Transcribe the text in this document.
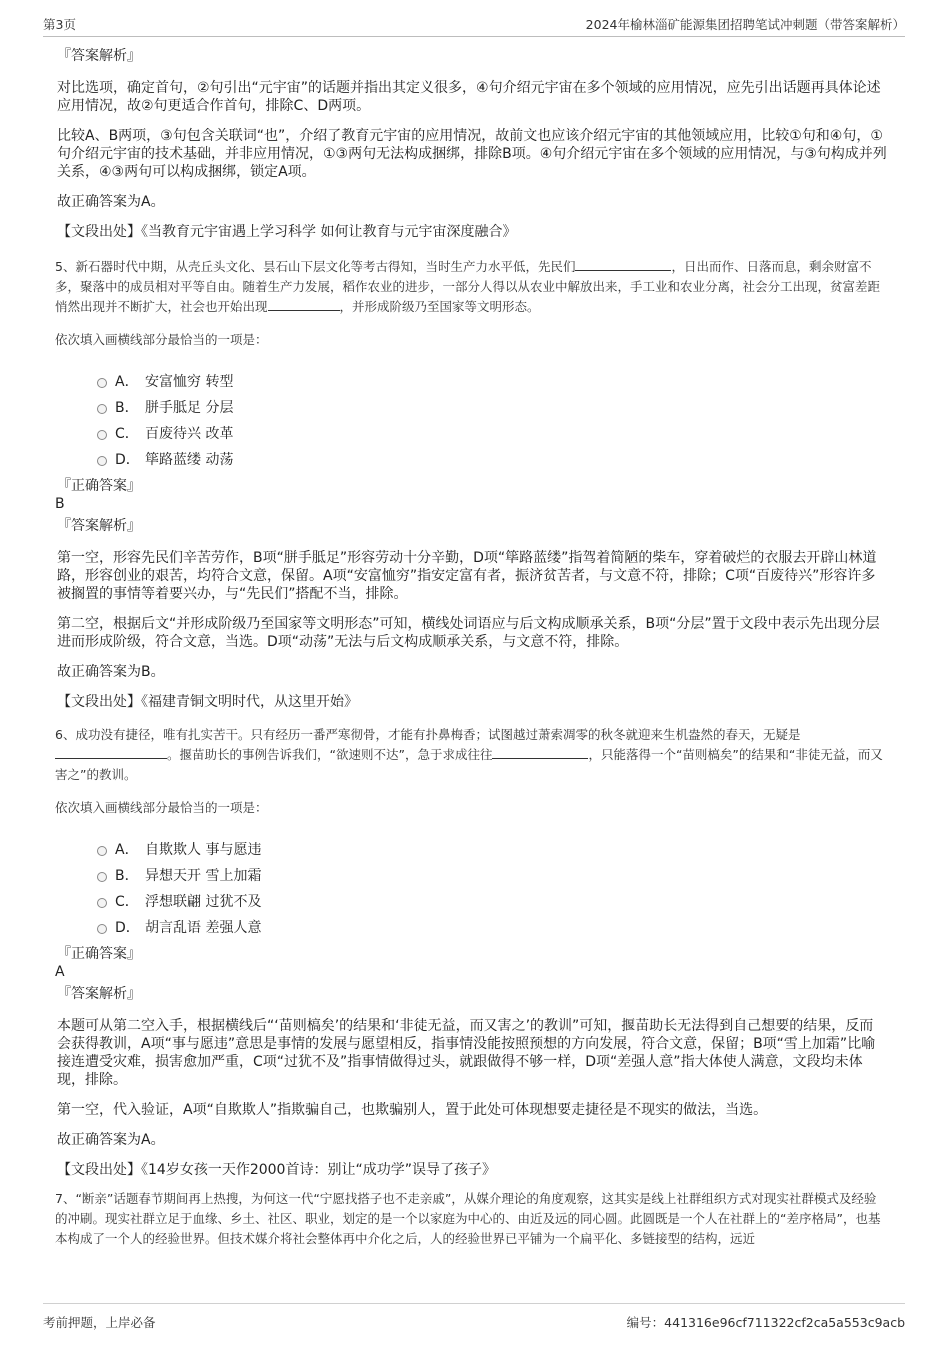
第3页	2024年榆林淄矿能源集团招聘笔试冲刺题（带答案解析）
『答案解析』

对比选项，确定首句，②句引出“元宇宙”的话题并指出其定义很多，④句介绍元宇宙在多个领域的应用情况，应先引出话题再具体论述应用情况，故②句更适合作首句，排除C、D两项。

比较A、B两项，③句包含关联词“也”，介绍了教育元宇宙的应用情况，故前文也应该介绍元宇宙的其他领域应用，比较①句和④句，①句介绍元宇宙的技术基础，并非应用情况，①③两句无法构成捆绑，排除B项。④句介绍元宇宙在多个领域的应用情况，与③句构成并列关系，④③两句可以构成捆绑，锁定A项。

故正确答案为A。

【文段出处】《当教育元宇宙遇上学习科学 如何让教育与元宇宙深度融合》

5、新石器时代中期，从壳丘头文化、昙石山下层文化等考古得知，当时生产力水平低，先民们	，日出而作、日落而息，剩余财富不多，聚落中的成员相对平等自由。随着生产力发展，稻作农业的进步，一部分人得以从农业中解放出来，手工业和农业分离，社会分工出现，贫富差距悄然出现并不断扩大，社会也开始出现	，并形成阶级乃至国家等文明形态。

依次填入画横线部分最恰当的一项是：

A． 安富恤穷 转型
B． 胼手胝足 分层
C． 百废待兴 改革
D． 筚路蓝缕 动荡
『正确答案』
B
『答案解析』

第一空，形容先民们辛苦劳作，B项“胼手胝足”形容劳动十分辛勤，D项“筚路蓝缕”指驾着简陋的柴车，穿着破烂的衣服去开辟山林道路，形容创业的艰苦，均符合文意，保留。A项“安富恤穷”指安定富有者，振济贫苦者，与文意不符，排除；C项“百废待兴”形容许多被搁置的事情等着要兴办，与“先民们”搭配不当，排除。

第二空，根据后文“并形成阶级乃至国家等文明形态”可知，横线处词语应与后文构成顺承关系，B项“分层”置于文段中表示先出现分层进而形成阶级，符合文意，当选。D项“动荡”无法与后文构成顺承关系，与文意不符，排除。

故正确答案为B。

【文段出处】《福建青铜文明时代，从这里开始》

6、成功没有捷径，唯有扎实苦干。只有经历一番严寒彻骨，才能有扑鼻梅香；试图越过萧索凋零的秋冬就迎来生机盎然的春天，无疑是。揠苗助长的事例告诉我们，“欲速则不达”，急于求成往往	，只能落得一个“苗则槁矣”的结果和“非徒无益，而又害之”的教训。

依次填入画横线部分最恰当的一项是：

A． 自欺欺人 事与愿违
B． 异想天开 雪上加霜
C． 浮想联翩 过犹不及
D． 胡言乱语 差强人意
『正确答案』
A
『答案解析』

本题可从第二空入手，根据横线后“‘苗则槁矣’的结果和‘非徒无益，而又害之’的教训”可知，揠苗助长无法得到自己想要的结果，反而会获得教训，A项“事与愿违”意思是事情的发展与愿望相反，指事情没能按照预想的方向发展，符合文意，保留；B项“雪上加霜”比喻接连遭受灾难，损害愈加严重，C项“过犹不及”指事情做得过头，就跟做得不够一样，D项“差强人意”指大体使人满意，文段均未体现，排除。

第一空，代入验证，A项“自欺欺人”指欺骗自己，也欺骗别人，置于此处可体现想要走捷径是不现实的做法，当选。

故正确答案为A。

【文段出处】《14岁女孩一天作2000首诗：别让“成功学”误导了孩子》

7、“断亲”话题春节期间再上热搜，为何这一代“宁愿找搭子也不走亲戚”，从媒介理论的角度观察，这其实是线上社群组织方式对现实社群模式及经验的冲刷。现实社群立足于血缘、乡土、社区、职业，划定的是一个以家庭为中心的、由近及远的同心圆。此圆既是一个人在社群上的“差序格局”，也基本构成了一个人的经验世界。但技术媒介将社会整体再中介化之后，人的经验世界已平铺为一个扁平化、多链接型的结构，远近

考前押题，上岸必备	编号：441316e96cf711322cf2ca5a553c9acb
